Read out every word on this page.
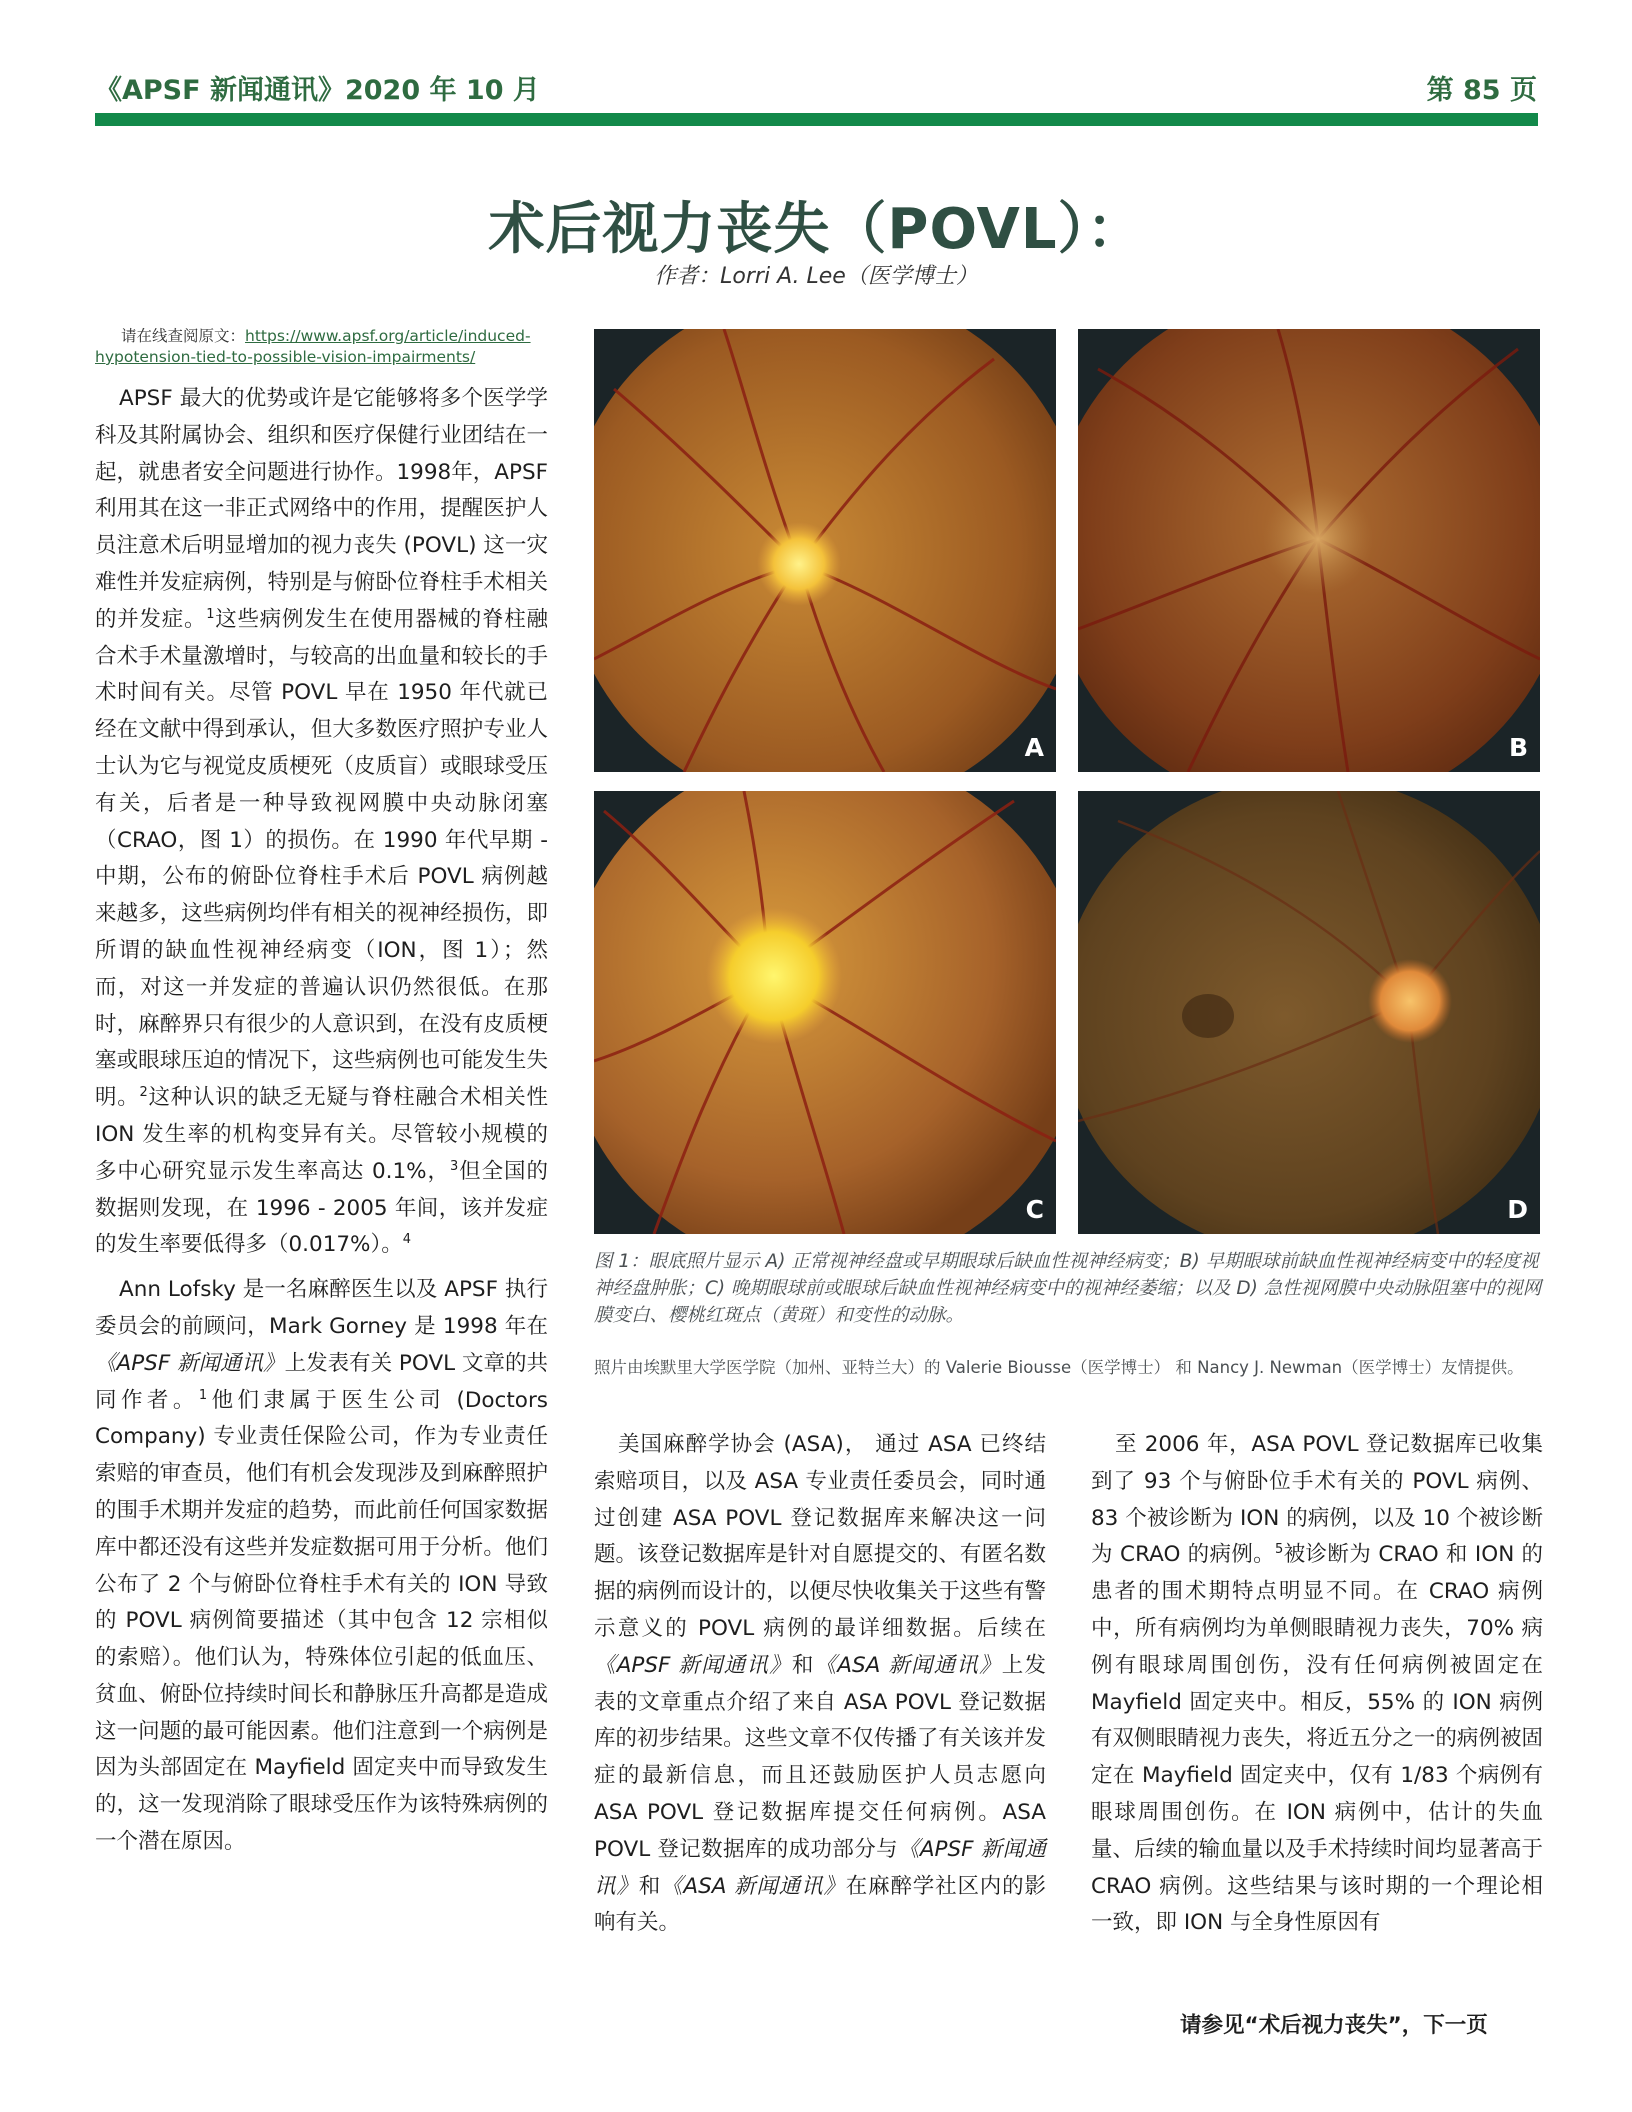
《APSF 新闻通讯》2020 年 10 月	第 85 页
术后视力丧失（POVL）：
作者：Lorri A. Lee（医学博士）
请在线查阅原文：https://www.apsf.org/article/induced-hypotension-tied-to-possible-vision-impairments/

APSF 最大的优势或许是它能够将多个医学学科及其附属协会、组织和医疗保健行业团结在一起，就患者安全问题进行协作。1998年，APSF 利用其在这一非正式网络中的作用，提醒医护人员注意术后明显增加的视力丧失 (POVL) 这一灾难性并发症病例，特别是与俯卧位脊柱手术相关的并发症。$^1$这些病例发生在使用器械的脊柱融合术手术量激增时，与较高的出血量和较长的手术时间有关。尽管 POVL 早在 1950 年代就已经在文献中得到承认，但大多数医疗照护专业人士认为它与视觉皮质梗死（皮质盲）或眼球受压有关，后者是一种导致视网膜中央动脉闭塞（CRAO，图 1）的损伤。在 1990 年代早期 - 中期，公布的俯卧位脊柱手术后 POVL 病例越来越多，这些病例均伴有相关的视神经损伤，即所谓的缺血性视神经病变（ION，图 1）；然而，对这一并发症的普遍认识仍然很低。在那时，麻醉界只有很少的人意识到，在没有皮质梗塞或眼球压迫的情况下，这些病例也可能发生失明。$^2$这种认识的缺乏无疑与脊柱融合术相关性 ION 发生率的机构变异有关。尽管较小规模的多中心研究显示发生率高达 0.1%，$^3$但全国的数据则发现，在 1996 - 2005 年间，该并发症的发生率要低得多（0.017%）。$^4$

Ann Lofsky 是一名麻醉医生以及 APSF 执行委员会的前顾问，Mark Gorney 是 1998 年在《APSF 新闻通讯》上发表有关 POVL 文章的共同作者。$^1$他们隶属于医生公司 (Doctors Company) 专业责任保险公司，作为专业责任索赔的审查员，他们有机会发现涉及到麻醉照护的围手术期并发症的趋势，而此前任何国家数据库中都还没有这些并发症数据可用于分析。他们公布了 2 个与俯卧位脊柱手术有关的 ION 导致的 POVL 病例简要描述（其中包含 12 宗相似的索赔）。他们认为，特殊体位引起的低血压、贫血、俯卧位持续时间长和静脉压升高都是造成这一问题的最可能因素。他们注意到一个病例是因为头部固定在 Mayfield 固定夹中而导致发生的，这一发现消除了眼球受压作为该特殊病例的一个潜在原因。

A	B
C	D
图 1：眼底照片显示 A) 正常视神经盘或早期眼球后缺血性视神经病变；B) 早期眼球前缺血性视神经病变中的轻度视神经盘肿胀；C) 晚期眼球前或眼球后缺血性视神经病变中的视神经萎缩；以及 D) 急性视网膜中央动脉阻塞中的视网膜变白、樱桃红斑点（黄斑）和变性的动脉。
照片由埃默里大学医学院（加州、亚特兰大）的 Valerie Biousse（医学博士） 和 Nancy J. Newman（医学博士）友情提供。

美国麻醉学协会 (ASA)， 通过 ASA 已终结索赔项目，以及 ASA 专业责任委员会，同时通过创建 ASA POVL 登记数据库来解决这一问题。该登记数据库是针对自愿提交的、有匿名数据的病例而设计的，以便尽快收集关于这些有警示意义的 POVL 病例的最详细数据。后续在《APSF 新闻通讯》和《ASA 新闻通讯》上发表的文章重点介绍了来自 ASA POVL 登记数据库的初步结果。这些文章不仅传播了有关该并发症的最新信息，而且还鼓励医护人员志愿向 ASA POVL 登记数据库提交任何病例。ASA POVL 登记数据库的成功部分与《APSF 新闻通讯》和《ASA 新闻通讯》在麻醉学社区内的影响有关。

至 2006 年，ASA POVL 登记数据库已收集到了 93 个与俯卧位手术有关的 POVL 病例、83 个被诊断为 ION 的病例，以及 10 个被诊断为 CRAO 的病例。$^5$被诊断为 CRAO 和 ION 的患者的围术期特点明显不同。在 CRAO 病例中，所有病例均为单侧眼睛视力丧失，70% 病例有眼球周围创伤，没有任何病例被固定在 Mayfield 固定夹中。相反，55% 的 ION 病例有双侧眼睛视力丧失，将近五分之一的病例被固定在 Mayfield 固定夹中，仅有 1/83 个病例有眼球周围创伤。在 ION 病例中，估计的失血量、后续的输血量以及手术持续时间均显著高于 CRAO 病例。这些结果与该时期的一个理论相一致，即 ION 与全身性原因有

请参见“术后视力丧失”，下一页
